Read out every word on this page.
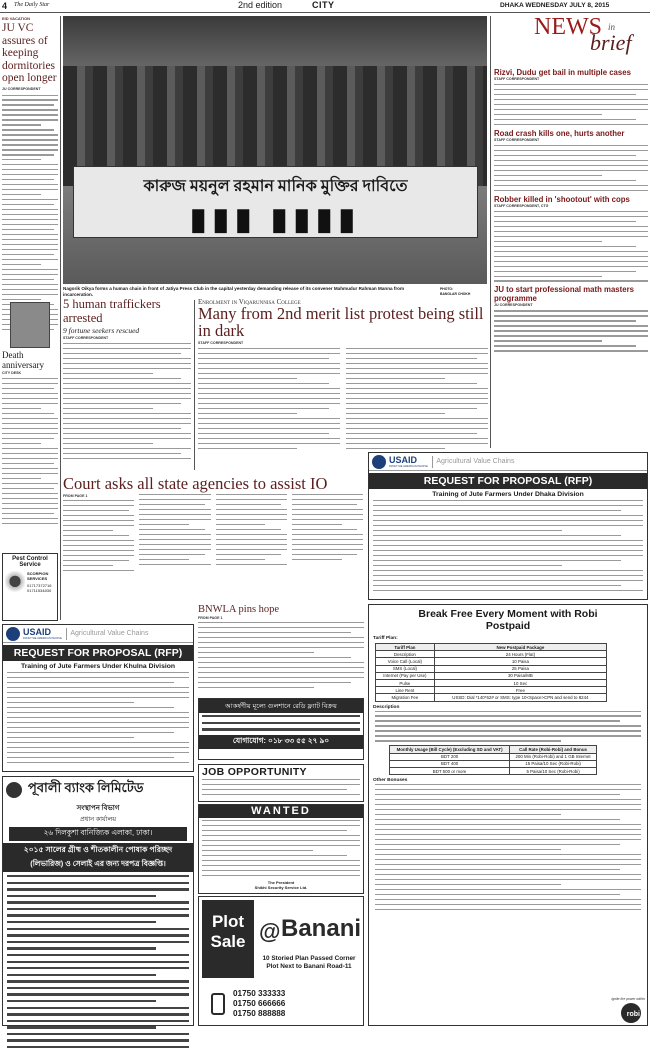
4 The Daily Star	2nd edition	CITY	DHAKA WEDNESDAY JULY 8, 2015
EID VACATION
JU VC assures of keeping dormitories open longer
JU CORRESPONDENT
Death anniversary
CITY DESK
Pest Control Service
SCORPION SERVICES
01717372716
01711534830
কারুজ ময়নুল রহমান মানিক মুক্তির দাবিতে
▮▮▮ ▮▮▮▮
Nagorik Oikya forms a human chain in front of Jatiya Press Club in the capital yesterday demanding release of its convener Mahmudur Rahman Manna from incarceration.
PHOTO:
BANGLAR CHOKH
NEWS in
brief
Rizvi, Dudu get bail in multiple cases
STAFF CORRESPONDENT
Road crash kills one, hurts another
STAFF CORRESPONDENT
Robber killed in 'shootout' with cops
STAFF CORRESPONDENT, CTG
JU to start professional math masters programme
JU CORRESPONDENT
5 human traffickers arrested
9 fortune seekers rescued
STAFF CORRESPONDENT
Enrolment in Viqarunnisa College
Many from 2nd merit list protest being still in dark
STAFF CORRESPONDENT
Court asks all state agencies to assist IO
FROM PAGE 1
USAID
FROM THE AMERICAN PEOPLE
Agricultural Value Chains
REQUEST FOR PROPOSAL (RFP)
Training of Jute Farmers Under Dhaka Division
BNWLA pins hope
FROM PAGE 1
USAID
FROM THE AMERICAN PEOPLE
Agricultural Value Chains
REQUEST FOR PROPOSAL (RFP)
Training of Jute Farmers Under Khulna Division
আকর্ষণীয় মূল্যে গুলশানে রেডি ফ্ল্যাট বিক্রয়
যোগাযোগ: ০১৮ ৩৩ ৫৫ ২৭ ৯০
Break Free Every Moment with Robi Postpaid
Tariff Plan:
Tariff Plan	New Postpaid Package
Description	24 Hours (Flat)
Voice Call (Local)	10 Paisa
SMS (Local)	25 Paisa
Internet (Pay per Use)	30 Paisa/MB
Pulse	10 Sec
Line Rent	Free
Migration Fee	USSD: Dial *140*62# or SMS: type 10<Space>CPN and send to 8244
Description
Monthly Usage (Bill Cycle) (Excluding SD and VAT)	Call Rate (Robi-Robi) and Bonus
BDT 200	200 Min (Robi-Robi) and 1 GB Internet
BDT 400	15 Paisa/10 Sec (Robi-Robi)
BDT 500 or more	5 Paisa/10 Sec (Robi-Robi)
Other Bonuses
robi
ignite the power within
পূবালী ব্যাংক লিমিটেড
সংস্থাপন বিভাগ
প্রধান কার্যালয়
২৬ দিলকুশা বানিজ্যিক এলাকা, ঢাকা।
২০১৫ সালের গ্রীষ্ম ও শীতকালীন পোষাক পরিচ্ছদ
(লিভারিজ) ও সেলাই এর জন্য দরপত্র বিজ্ঞপ্তি।
JOB OPPORTUNITY
WANTED
The President
Shikhi Security Service Ltd.
Plot
Sale @ Banani
10 Storied Plan Passed Corner Plot Next to Banani Road-11
01750 333333
01750 666666
01750 888888
